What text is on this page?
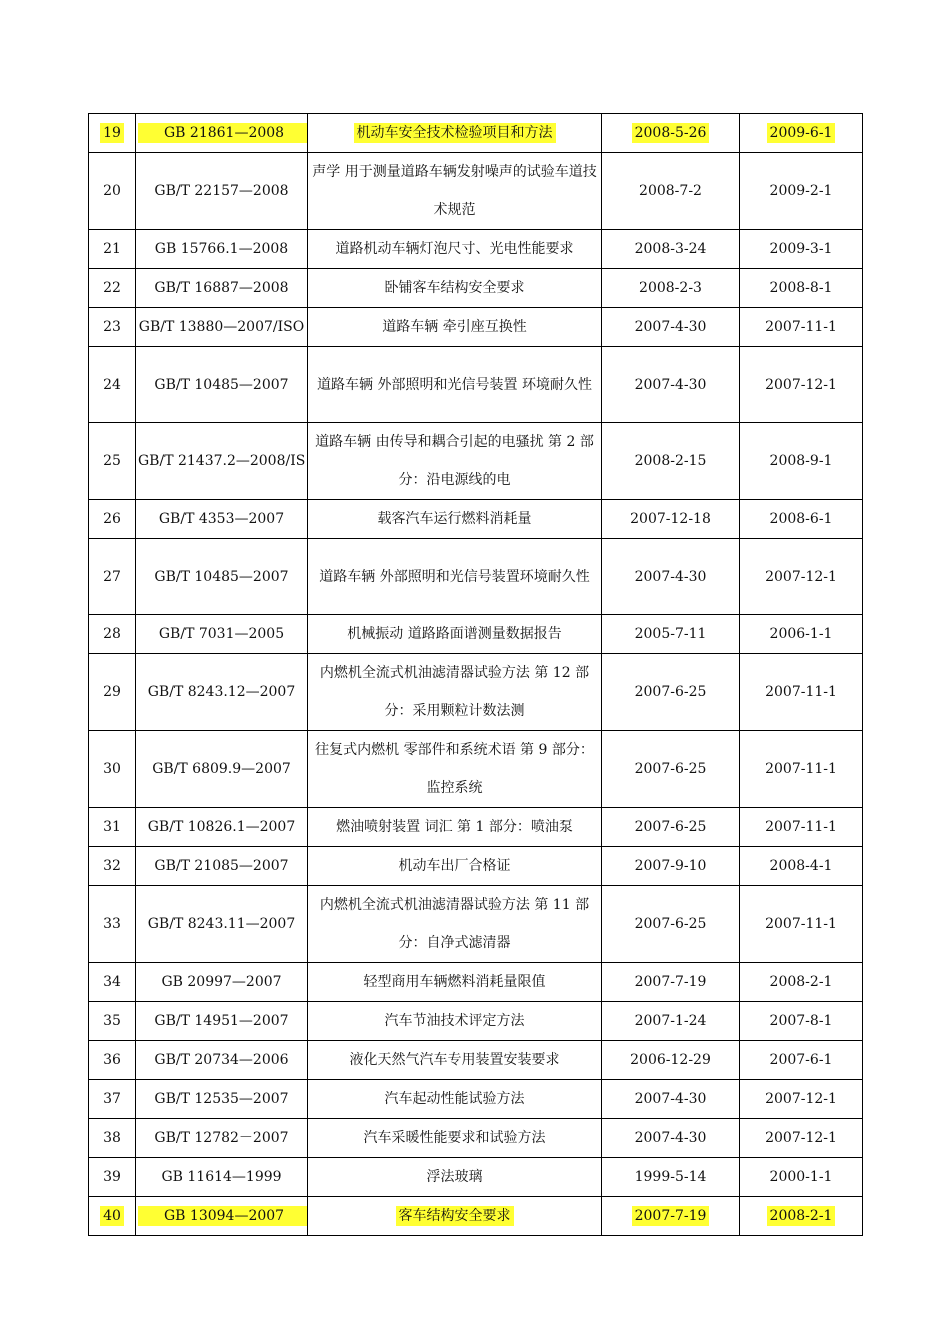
19	GB 21861—2008	机动车安全技术检验项目和方法	2008-5-26	2009-6-1
20	GB/T 22157—2008	声学 用于测量道路车辆发射噪声的试验车道技术规范	2008-7-2	2009-2-1
21	GB 15766.1—2008	道路机动车辆灯泡尺寸、光电性能要求	2008-3-24	2009-3-1
22	GB/T 16887—2008	卧铺客车结构安全要求	2008-2-3	2008-8-1
23	GB/T 13880—2007/ISO	道路车辆 牵引座互换性	2007-4-30	2007-11-1
24	GB/T 10485—2007	道路车辆 外部照明和光信号装置 环境耐久性	2007-4-30	2007-12-1
25	GB/T 21437.2—2008/IS	道路车辆 由传导和耦合引起的电骚扰 第 2 部分：沿电源线的电	2008-2-15	2008-9-1
26	GB/T 4353—2007	载客汽车运行燃料消耗量	2007-12-18	2008-6-1
27	GB/T 10485—2007	道路车辆 外部照明和光信号装置环境耐久性	2007-4-30	2007-12-1
28	GB/T 7031—2005	机械振动 道路路面谱测量数据报告	2005-7-11	2006-1-1
29	GB/T 8243.12—2007	内燃机全流式机油滤清器试验方法 第 12 部分：采用颗粒计数法测	2007-6-25	2007-11-1
30	GB/T 6809.9—2007	往复式内燃机 零部件和系统术语 第 9 部分：监控系统	2007-6-25	2007-11-1
31	GB/T 10826.1—2007	燃油喷射装置 词汇 第 1 部分：喷油泵	2007-6-25	2007-11-1
32	GB/T 21085—2007	机动车出厂合格证	2007-9-10	2008-4-1
33	GB/T 8243.11—2007	内燃机全流式机油滤清器试验方法 第 11 部分：自净式滤清器	2007-6-25	2007-11-1
34	GB 20997—2007	轻型商用车辆燃料消耗量限值	2007-7-19	2008-2-1
35	GB/T 14951—2007	汽车节油技术评定方法	2007-1-24	2007-8-1
36	GB/T 20734—2006	液化天然气汽车专用装置安装要求	2006-12-29	2007-6-1
37	GB/T 12535—2007	汽车起动性能试验方法	2007-4-30	2007-12-1
38	GB/T 12782－2007	汽车采暖性能要求和试验方法	2007-4-30	2007-12-1
39	GB 11614—1999	浮法玻璃	1999-5-14	2000-1-1
40	GB 13094—2007	客车结构安全要求	2007-7-19	2008-2-1
